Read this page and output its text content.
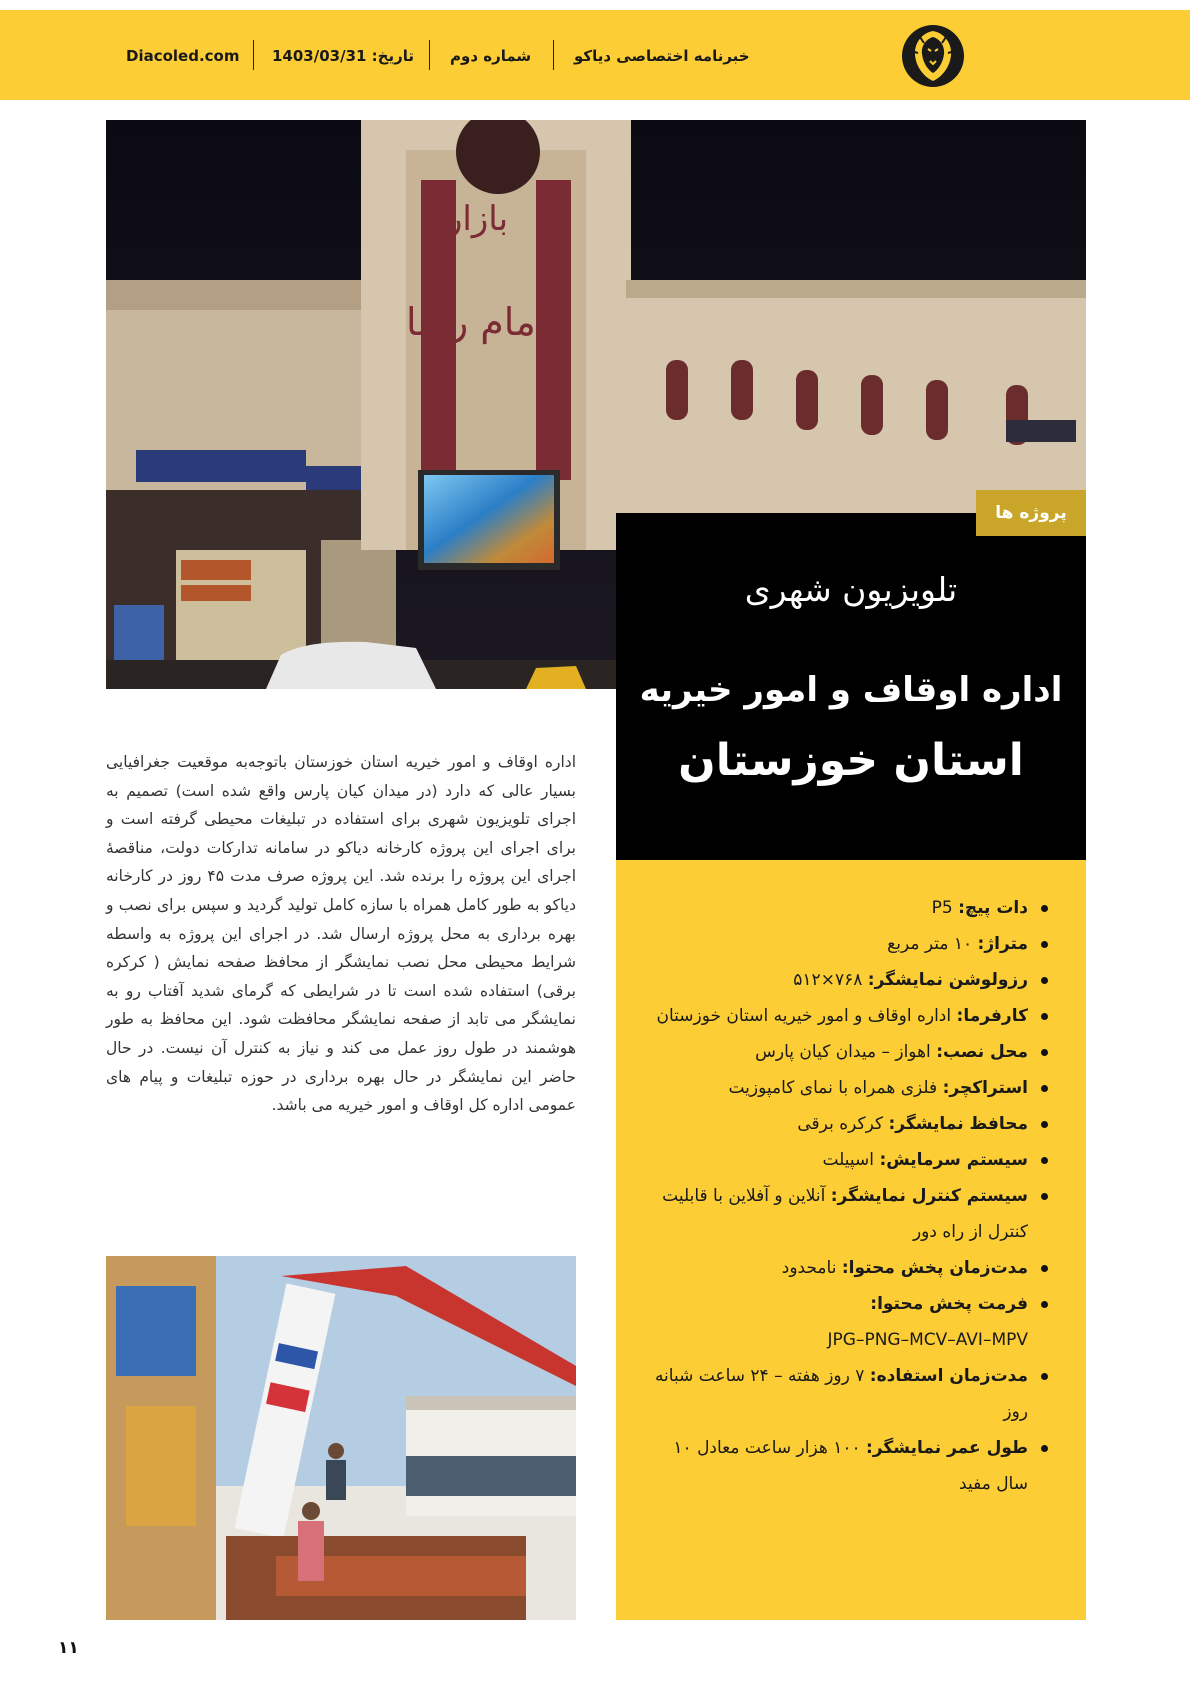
خبرنامه اختصاصی دیاکو
شماره دوم
تاریخ: 1403/03/31
Diacoled.com
بازار
امام رضا
پروژه ها
تلویزیون شهری
اداره اوقاف و امور خیریه
استان خوزستان
دات پیچ: P5
متراژ: ۱۰ متر مربع
رزولوشن نمایشگر: ۷۶۸×۵۱۲
کارفرما: اداره اوقاف و امور خیریه استان خوزستان
محل نصب: اهواز – میدان کیان پارس
استراکچر: فلزی همراه با نمای کامپوزیت
محافظ نمایشگر: کرکره برقی
سیستم سرمایش: اسپیلت
سیستم کنترل نمایشگر: آنلاین و آفلاین با قابلیت کنترل از راه دور
مدت‌زمان پخش محتوا: نامحدود
فرمت پخش محتوا:
JPG–PNG–MCV–AVI–MPV
مدت‌زمان استفاده: ۷ روز هفته – ۲۴ ساعت شبانه روز
طول عمر نمایشگر: ۱۰۰ هزار ساعت معادل ۱۰ سال مفید

اداره اوقاف و امور خیریه استان خوزستان باتوجه‌به موقعیت جغرافیایی بسیار عالی که دارد (در میدان کیان پارس واقع شده است) تصمیم به اجرای تلویزیون شهری برای استفاده در تبلیغات محیطی گرفته است و برای اجرای این پروژه کارخانه دیاکو در سامانه تدارکات دولت، مناقصهٔ اجرای این پروژه را برنده شد. این پروژه صرف مدت ۴۵ روز در کارخانه دیاکو به طور کامل همراه با سازه کامل تولید گردید و سپس برای نصب و بهره برداری به محل پروژه ارسال شد. در اجرای این پروژه به واسطه شرایط محیطی محل نصب نمایشگر از محافظ صفحه نمایش ( کرکره برقی) استفاده شده است تا در شرایطی که گرمای شدید آفتاب رو به نمایشگر می تابد از صفحه نمایشگر محافظت شود. این محافظ به طور هوشمند در طول روز عمل می کند و نیاز به کنترل آن نیست. در حال حاضر این نمایشگر در حال بهره برداری در حوزه تبلیغات و پیام های عمومی اداره کل اوقاف و امور خیریه می باشد.

۱۱
